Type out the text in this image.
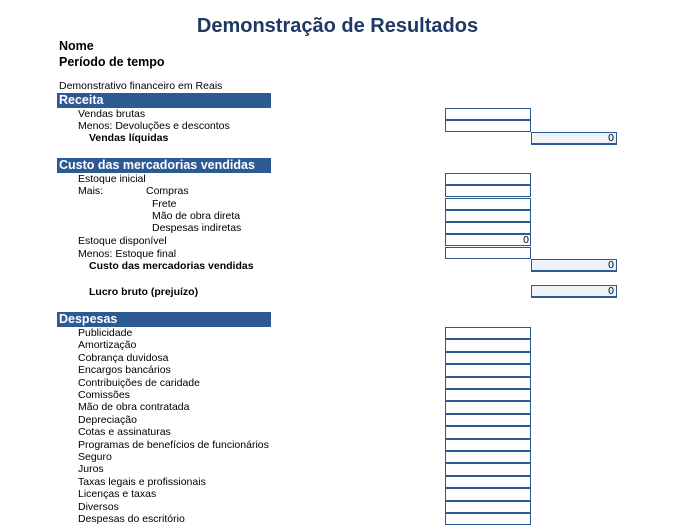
Demonstração de Resultados
Nome
Período de tempo
Demonstrativo financeiro em Reais
Receita
Vendas brutas
Menos: Devoluções e descontos
Vendas líquidas	0
Custo das mercadorias vendidas
Estoque inicial
Mais:	Compras
Frete
Mão de obra direta
Despesas indiretas
Estoque disponível	0
Menos: Estoque final
Custo das mercadorias vendidas	0
Lucro bruto (prejuízo)	0
Despesas
Publicidade
Amortização
Cobrança duvidosa
Encargos bancários
Contribuições de caridade
Comissões
Mão de obra contratada
Depreciação
Cotas e assinaturas
Programas de benefícios de funcionários
Seguro
Juros
Taxas legais e profissionais
Licenças e taxas
Diversos
Despesas do escritório
